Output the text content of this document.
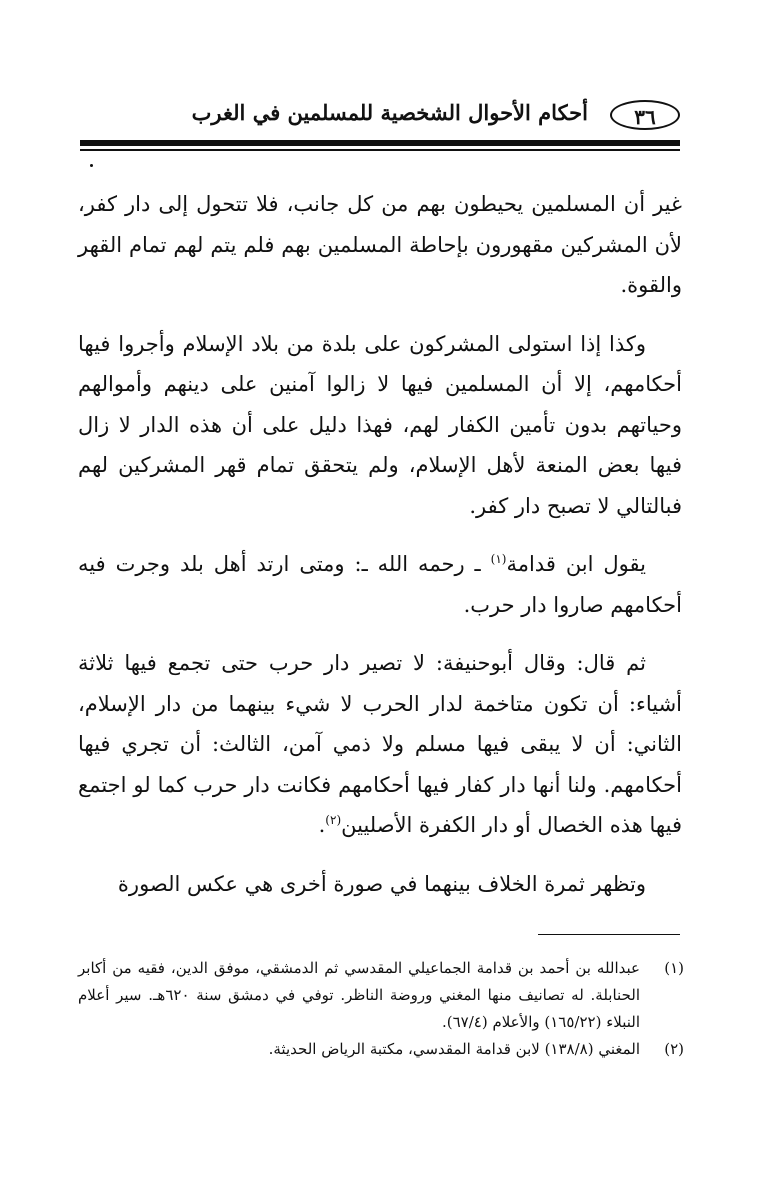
٣٦
أحكام الأحوال الشخصية للمسلمين في الغرب

غير أن المسلمين يحيطون بهم من كل جانب، فلا تتحول إلى دار كفر، لأن المشركين مقهورون بإحاطة المسلمين بهم فلم يتم لهم تمام القهر والقوة.

وكذا إذا استولى المشركون على بلدة من بلاد الإسلام وأجروا فيها أحكامهم، إلا أن المسلمين فيها لا زالوا آمنين على دينهم وأموالهم وحياتهم بدون تأمين الكفار لهم، فهذا دليل على أن هذه الدار لا زال فيها بعض المنعة لأهل الإسلام، ولم يتحقق تمام قهر المشركين لهم فبالتالي لا تصبح دار كفر.

يقول ابن قدامة$^{(١)}$ ـ رحمه الله ـ: ومتى ارتد أهل بلد وجرت فيه أحكامهم صاروا دار حرب.

ثم قال: وقال أبوحنيفة: لا تصير دار حرب حتى تجمع فيها ثلاثة أشياء: أن تكون متاخمة لدار الحرب لا شيء بينهما من دار الإسلام، الثاني: أن لا يبقى فيها مسلم ولا ذمي آمن، الثالث: أن تجري فيها أحكامهم. ولنا أنها دار كفار فيها أحكامهم فكانت دار حرب كما لو اجتمع فيها هذه الخصال أو دار الكفرة الأصليين$^{(٢)}$.

وتظهر ثمرة الخلاف بينهما في صورة أخرى هي عكس الصورة

(١)
عبدالله بن أحمد بن قدامة الجماعيلي المقدسي ثم الدمشقي، موفق الدين، فقيه من أكابر الحنابلة. له تصانيف منها المغني وروضة الناظر. توفي في دمشق سنة ٦٢٠هـ. سير أعلام النبلاء (١٦٥/٢٢) والأعلام (٦٧/٤).
(٢)
المغني (١٣٨/٨) لابن قدامة المقدسي، مكتبة الرياض الحديثة.
